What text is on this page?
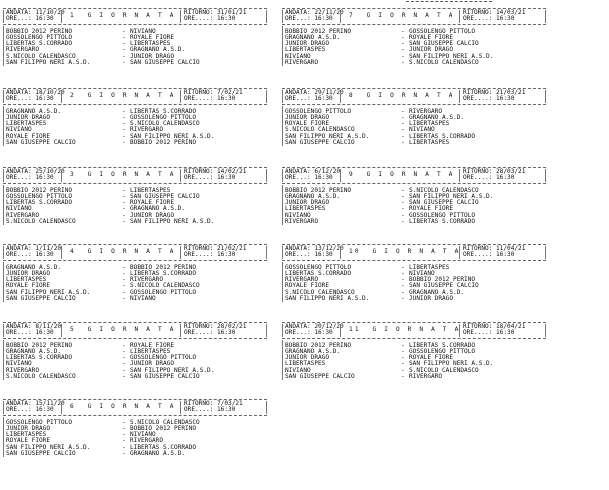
ANDATA: 11/10/20
ORE...: 16:30	1  G I O R N A T A RITORNO: 31/01/21
ORE....: 16:30
BOBBIO 2012 PERINO	- NIVIANO
GOSSOLENGO PITTOLO	- ROYALE FIORE
LIBERTAS S.CORRADO	- LIBERTASPES
RIVERGARO	- GRAGNANO A.S.D.
S.NICOLO CALENDASCO	- JUNIOR DRAGO
SAN FILIPPO NERI A.S.D.	- SAN GIUSEPPE CALCIO
ANDATA: 18/10/20
ORE...: 16:30	2  G I O R N A T A RITORNO: 7/02/21
ORE....: 16:30
GRAGNANO A.S.D.	- LIBERTAS S.CORRADO
JUNIOR DRAGO	- GOSSOLENGO PITTOLO
LIBERTASPES	- S.NICOLO CALENDASCO
NIVIANO	- RIVERGARO
ROYALE FIORE	- SAN FILIPPO NERI A.S.D.
SAN GIUSEPPE CALCIO	- BOBBIO 2012 PERINO
ANDATA: 25/10/20
ORE...: 16:30	3  G I O R N A T A RITORNO: 14/02/21
ORE....: 16:30
BOBBIO 2012 PERINO	- LIBERTASPES
GOSSOLENGO PITTOLO	- SAN GIUSEPPE CALCIO
LIBERTAS S.CORRADO	- ROYALE FIORE
NIVIANO	- GRAGNANO A.S.D.
RIVERGARO	- JUNIOR DRAGO
S.NICOLO CALENDASCO	- SAN FILIPPO NERI A.S.D.
ANDATA: 1/11/20
ORE...: 16:30	4  G I O R N A T A RITORNO: 21/02/21
ORE....: 16:30
GRAGNANO A.S.D.	- BOBBIO 2012 PERINO
JUNIOR DRAGO	- LIBERTAS S.CORRADO
LIBERTASPES	- RIVERGARO
ROYALE FIORE	- S.NICOLO CALENDASCO
SAN FILIPPO NERI A.S.D.	- GOSSOLENGO PITTOLO
SAN GIUSEPPE CALCIO	- NIVIANO
ANDATA: 8/11/20
ORE...: 16:30	5  G I O R N A T A RITORNO: 28/02/21
ORE....: 16:30
BOBBIO 2012 PERINO	- ROYALE FIORE
GRAGNANO A.S.D.	- LIBERTASPES
LIBERTAS S.CORRADO	- GOSSOLENGO PITTOLO
NIVIANO	- JUNIOR DRAGO
RIVERGARO	- SAN FILIPPO NERI A.S.D.
S.NICOLO CALENDASCO	- SAN GIUSEPPE CALCIO
ANDATA: 15/11/20
ORE...: 16:30	6  G I O R N A T A RITORNO: 7/03/21
ORE....: 16:30
GOSSOLENGO PITTOLO	- S.NICOLO CALENDASCO
JUNIOR DRAGO	- BOBBIO 2012 PERINO
LIBERTASPES	- NIVIANO
ROYALE FIORE	- RIVERGARO
SAN FILIPPO NERI A.S.D.	- LIBERTAS S.CORRADO
SAN GIUSEPPE CALCIO	- GRAGNANO A.S.D.
ANDATA: 22/11/20
ORE...: 16:30	7  G I O R N A T A RITORNO: 14/03/21
ORE....: 16:30
BOBBIO 2012 PERINO	- GOSSOLENGO PITTOLO
GRAGNANO A.S.D.	- ROYALE FIORE
JUNIOR DRAGO	- SAN GIUSEPPE CALCIO
LIBERTASPES	- JUNIOR DRAGO
NIVIANO	- SAN FILIPPO NERI A.S.D.
RIVERGARO	- S.NICOLO CALENDASCO
ANDATA: 29/11/20
ORE...: 16:30	8  G I O R N A T A RITORNO: 21/03/21
ORE....: 16:30
GOSSOLENGO PITTOLO	- RIVERGARO
JUNIOR DRAGO	- GRAGNANO A.S.D.
ROYALE FIORE	- LIBERTASPES
S.NICOLO CALENDASCO	- NIVIANO
SAN FILIPPO NERI A.S.D.	- LIBERTAS S.CORRADO
SAN GIUSEPPE CALCIO	- LIBERTASPES
ANDATA: 6/12/20
ORE...: 16:30	9  G I O R N A T A RITORNO: 28/03/21
ORE....: 16:30
BOBBIO 2012 PERINO	- S.NICOLO CALENDASCO
GRAGNANO A.S.D.	- SAN FILIPPO NERI A.S.D.
JUNIOR DRAGO	- SAN GIUSEPPE CALCIO
LIBERTASPES	- ROYALE FIORE
NIVIANO	- GOSSOLENGO PITTOLO
RIVERGARO	- LIBERTAS S.CORRADO
ANDATA: 13/12/20
ORE...: 16:30	10  G I O R N A T A RITORNO: 11/04/21
ORE....: 16:30
GOSSOLENGO PITTOLO	- LIBERTASPES
LIBERTAS S.CORRADO	- NIVIANO
RIVERGARO	- BOBBIO 2012 PERINO
ROYALE FIORE	- SAN GIUSEPPE CALCIO
S.NICOLO CALENDASCO	- GRAGNANO A.S.D.
SAN FILIPPO NERI A.S.D.	- JUNIOR DRAGO
ANDATA: 20/12/20
ORE...: 16:30	11  G I O R N A T A RITORNO: 18/04/21
ORE....: 16:30
BOBBIO 2012 PERINO	- LIBERTAS S.CORRADO
GRAGNANO A.S.D.	- GOSSOLENGO PITTOLO
JUNIOR DRAGO	- ROYALE FIORE
LIBERTASPES	- SAN FILIPPO NERI A.S.D.
NIVIANO	- S.NICOLO CALENDASCO
SAN GIUSEPPE CALCIO	- RIVERGARO
